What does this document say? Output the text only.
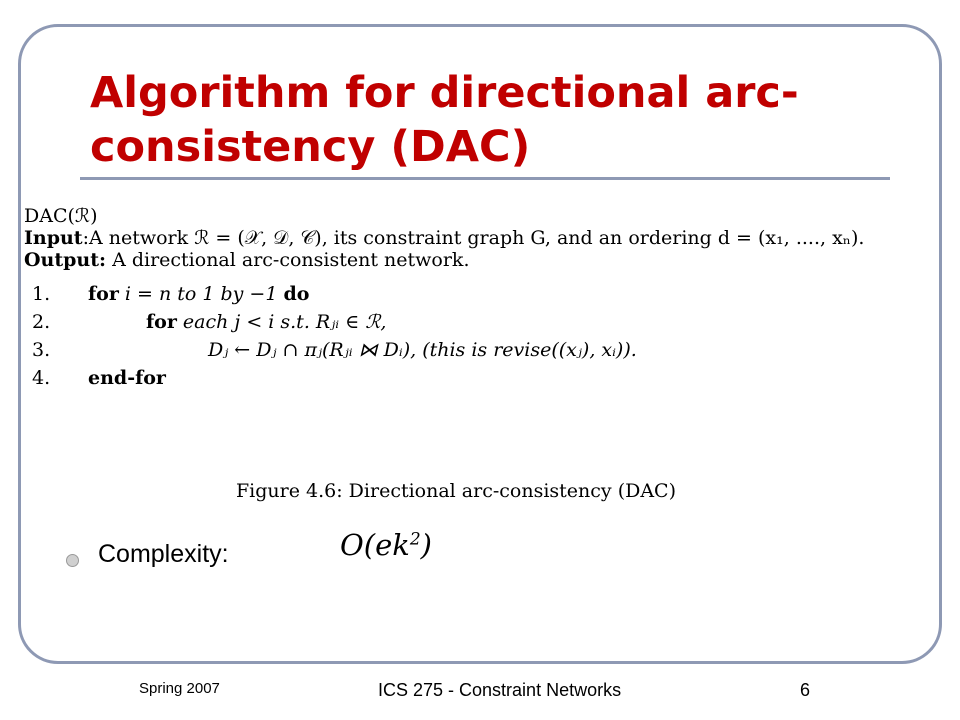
Algorithm for directional arc-
consistency (DAC)
DAC(ℛ)
Input:A network ℛ = (𝒳, 𝒟, 𝒞), its constraint graph G, and an ordering d = (x₁, ...., xₙ).
Output: A directional arc-consistent network.
1. for i = n to 1 by −1 do
2.	for each j < i s.t. Rⱼᵢ ∈ ℛ,
3.	Dⱼ ← Dⱼ ∩ πⱼ(Rⱼᵢ ⋈ Dᵢ), (this is revise((xⱼ), xᵢ)).
4. end-for
Figure 4.6: Directional arc-consistency (DAC)
Complexity:	$O(ek^2)$
Spring 2007	ICS 275 - Constraint Networks	6
